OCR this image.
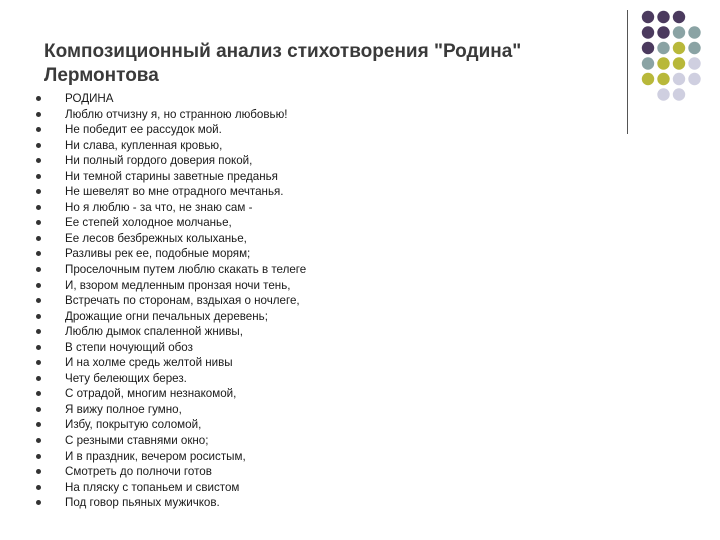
Композиционный анализ стихотворения "Родина" Лермонтова
РОДИНА
Люблю отчизну я, но странною любовью!
Не победит ее рассудок мой.
Ни слава, купленная кровью,
Ни полный гордого доверия покой,
Ни темной старины заветные преданья
Не шевелят во мне отрадного мечтанья.
Но я люблю - за что, не знаю сам -
Ее степей холодное молчанье,
Ее лесов безбрежных колыханье,
Разливы рек ее, подобные морям;
Проселочным путем люблю скакать в телеге
И, взором медленным пронзая ночи тень,
Встречать по сторонам, вздыхая о ночлеге,
Дрожащие огни печальных деревень;
Люблю дымок спаленной жнивы,
В степи ночующий обоз
И на холме средь желтой нивы
Чету белеющих берез.
С отрадой, многим незнакомой,
Я вижу полное гумно,
Избу, покрытую соломой,
С резными ставнями окно;
И в праздник, вечером росистым,
Смотреть до полночи готов
На пляску с топаньем и свистом
Под говор пьяных мужичков.
